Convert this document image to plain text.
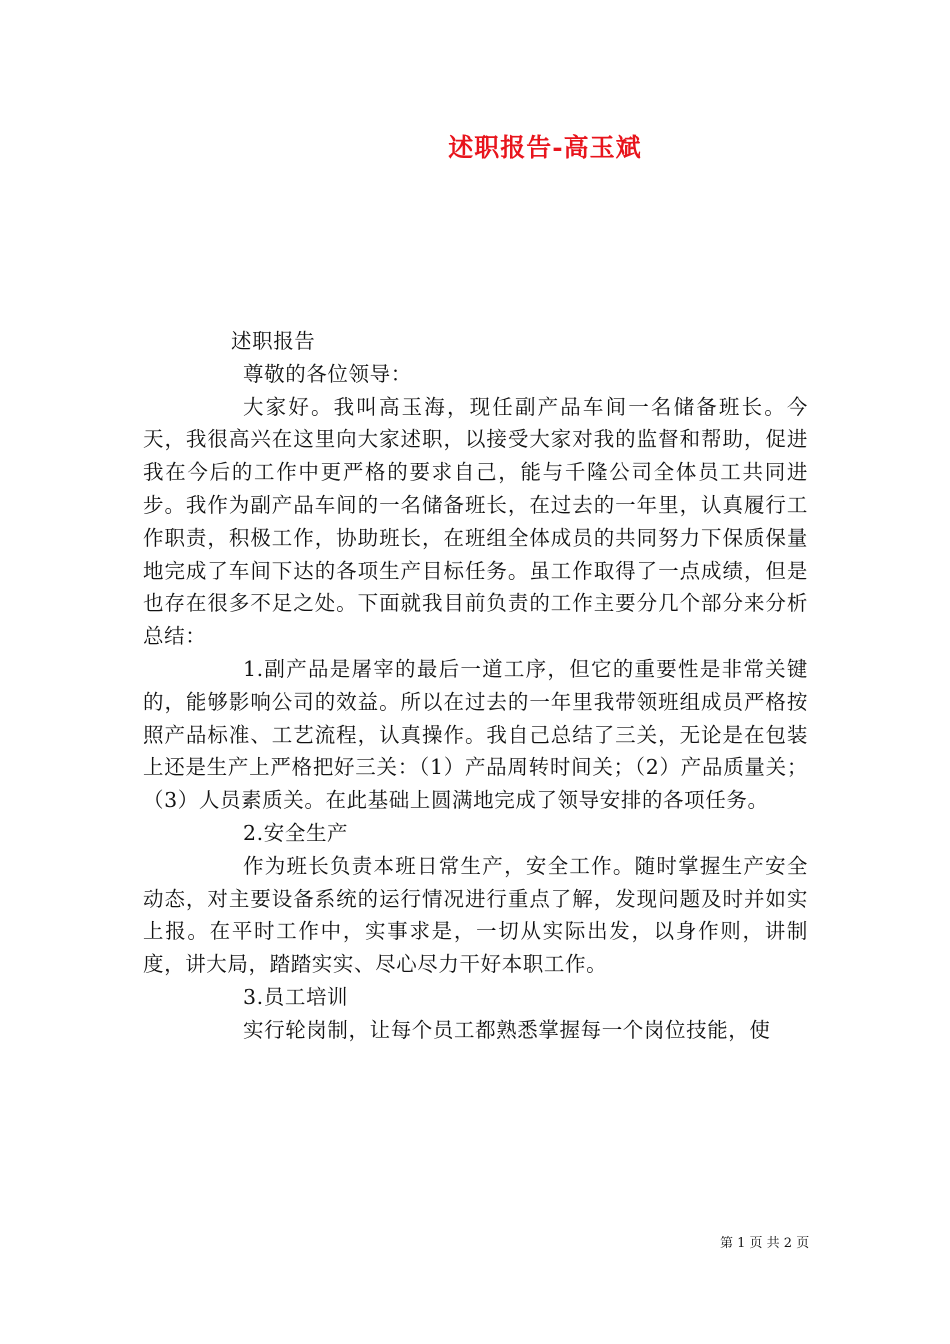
述职报告-高玉斌

述职报告

尊敬的各位领导：

大家好。我叫高玉海，现任副产品车间一名储备班长。今天，我很高兴在这里向大家述职，以接受大家对我的监督和帮助，促进我在今后的工作中更严格的要求自己，能与千隆公司全体员工共同进步。我作为副产品车间的一名储备班长，在过去的一年里，认真履行工作职责，积极工作，协助班长，在班组全体成员的共同努力下保质保量地完成了车间下达的各项生产目标任务。虽工作取得了一点成绩，但是也存在很多不足之处。下面就我目前负责的工作主要分几个部分来分析总结：

1.副产品是屠宰的最后一道工序，但它的重要性是非常关键的，能够影响公司的效益。所以在过去的一年里我带领班组成员严格按照产品标准、工艺流程，认真操作。我自己总结了三关，无论是在包装上还是生产上严格把好三关：（1）产品周转时间关；（2）产品质量关；（3）人员素质关。在此基础上圆满地完成了领导安排的各项任务。

2.安全生产

作为班长负责本班日常生产，安全工作。随时掌握生产安全动态，对主要设备系统的运行情况进行重点了解，发现问题及时并如实上报。在平时工作中，实事求是，一切从实际出发，以身作则，讲制度，讲大局，踏踏实实、尽心尽力干好本职工作。

3.员工培训

实行轮岗制，让每个员工都熟悉掌握每一个岗位技能，使

第 1 页 共 2 页
